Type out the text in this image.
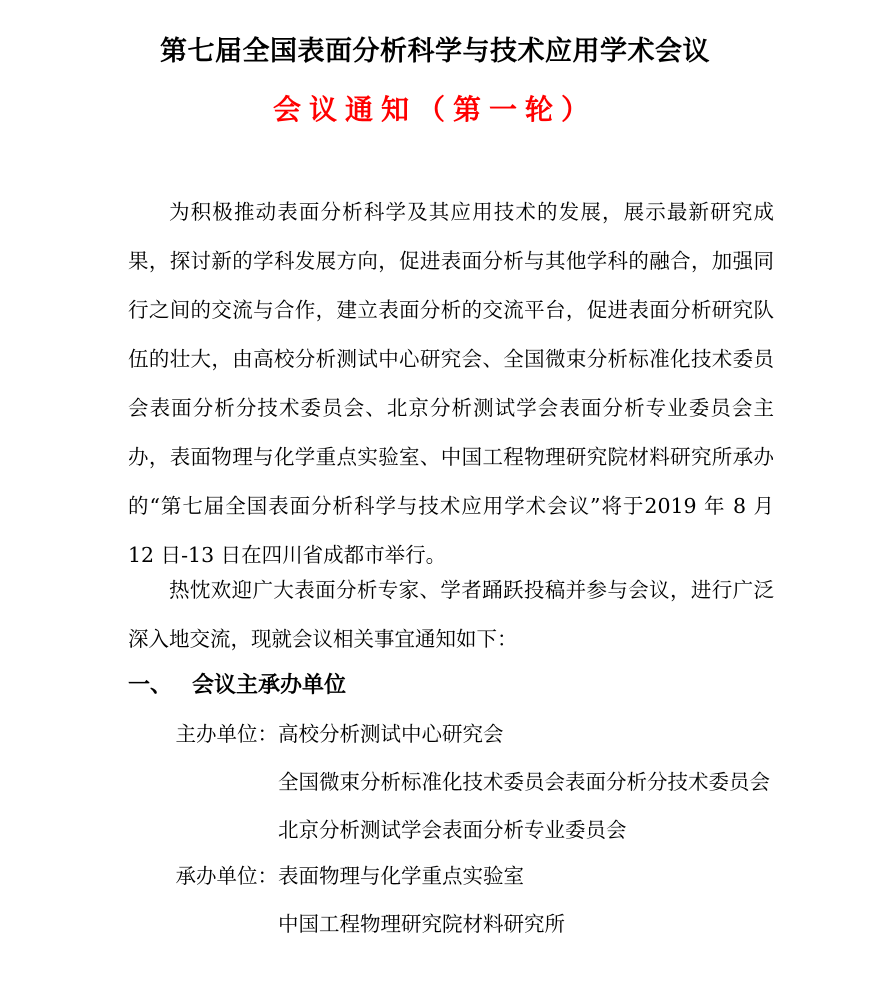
第七届全国表面分析科学与技术应用学术会议
会议通知（第一轮）

为积极推动表面分析科学及其应用技术的发展，展示最新研究成果，探讨新的学科发展方向，促进表面分析与其他学科的融合，加强同行之间的交流与合作，建立表面分析的交流平台，促进表面分析研究队伍的壮大，由高校分析测试中心研究会、全国微束分析标准化技术委员会表面分析分技术委员会、北京分析测试学会表面分析专业委员会主办，表面物理与化学重点实验室、中国工程物理研究院材料研究所承办的“第七届全国表面分析科学与技术应用学术会议”将于2019 年 8 月 12 日-13 日在四川省成都市举行。

热忱欢迎广大表面分析专家、学者踊跃投稿并参与会议，进行广泛深入地交流，现就会议相关事宜通知如下：

一、 会议主承办单位
主办单位： 高校分析测试中心研究会
全国微束分析标准化技术委员会表面分析分技术委员会
北京分析测试学会表面分析专业委员会
承办单位： 表面物理与化学重点实验室
中国工程物理研究院材料研究所
